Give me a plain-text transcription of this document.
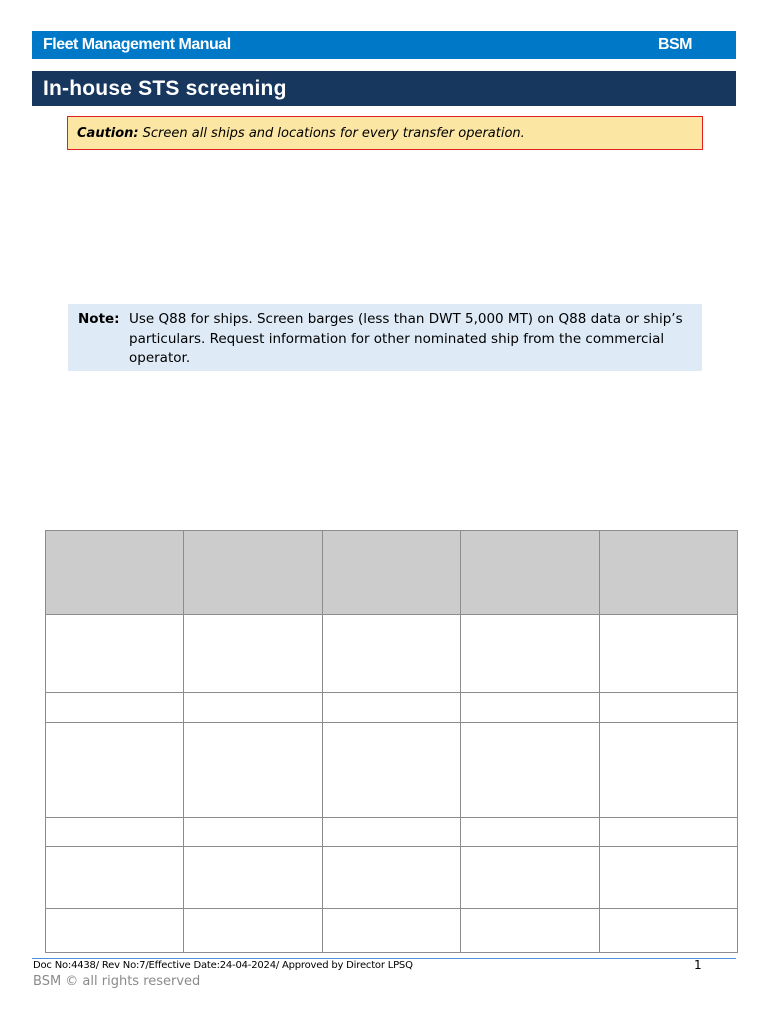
Fleet Management Manual	BSM
In-house STS screening
Caution: Screen all ships and locations for every transfer operation.
Note: Use Q88 for ships. Screen barges (less than DWT 5,000 MT) on Q88 data or ship’s particulars. Request information for other nominated ship from the commercial operator.

Doc No:4438/ Rev No:7/Effective Date:24-04-2024/ Approved by Director LPSQ	1
BSM © all rights reserved
